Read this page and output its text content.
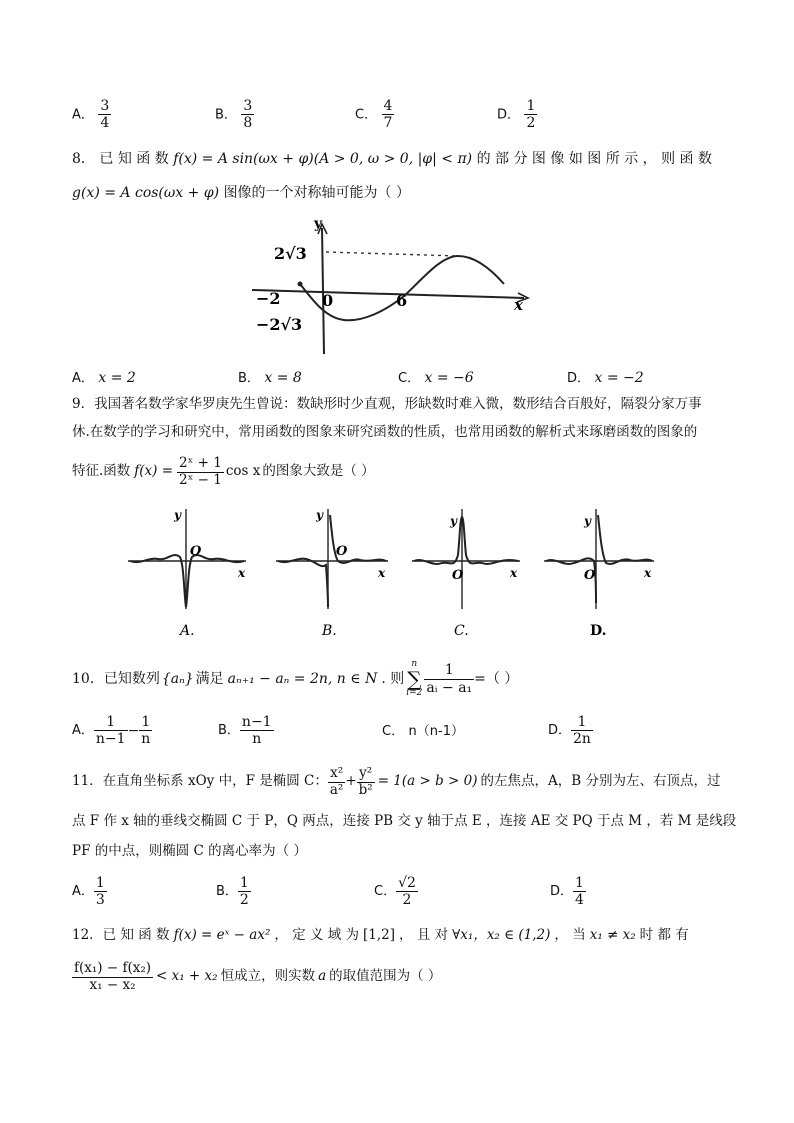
A． $\frac{3}{4}$	B． $\frac{3}{8}$	C． $\frac{4}{7}$	D． $\frac{1}{2}$
8． 已 知 函 数 f(x) = A sin(ωx + φ)(A > 0, ω > 0, |φ| < π) 的 部 分 图 像 如 图 所 示 ， 则 函 数
g(x) = A cos(ωx + φ) 图像的一个对称轴可能为（ ）
y
x
2√3
−2√3
−2	0	6
A． x = 2	B． x = 8	C． x = −6	D． x = −2
9．我国著名数学家华罗庚先生曾说：数缺形时少直观，形缺数时难入微，数形结合百般好，隔裂分家万事
休.在数学的学习和研究中，常用函数的图象来研究函数的性质，也常用函数的解析式来琢磨函数的图象的
特征.函数 $f(x) = \frac{\text{2ˣ + 1}}{\text{2ˣ − 1}}$ cos x 的图象大致是（ ）
y
x
O
A.
y
x
O
B.
y
x
O
C.
y
x
O
D.
10．已知数列 {aₙ} 满足 aₙ₊₁ − aₙ = 2n, n ∈ N . 则
n
∑
$i=2 \frac{1}{\text{aᵢ − a₁}}$ =（ ）
A． $\frac{1}{n-1} - \frac{1}{n}$	B． $\frac{n-1}{n}$	C． n（n-1）	D． $\frac{1}{2n}$
11．在直角坐标系 xOy 中，F 是椭圆 C： $\frac{\text{x²}}{\text{a²}} + \frac{\text{y²}}{\text{b²}} = 1(a > b > 0)$ 的左焦点，A，B 分别为左、右顶点，过
点 F 作 x 轴的垂线交椭圆 C 于 P，Q 两点，连接 PB 交 y 轴于点 E ，连接 AE 交 PQ 于点 M ，若 M 是线段
PF 的中点，则椭圆 C 的离心率为（ ）
A． $\frac{1}{3}$	B． $\frac{1}{2}$	C． $\frac{√2}{2}$	D． $\frac{1}{4}$
12．已 知 函 数 f(x) = eˣ − ax² ， 定 义 域 为 [1,2] ， 且 对 ∀x₁，x₂ ∈ (1,2) ， 当 x₁ ≠ x₂ 时 都 有
$\frac{\text{f(x₁) − f(x₂)}}{\text{x₁ − x₂}} < x_1 + x_2$ 恒成立，则实数 a 的取值范围为（ ）
